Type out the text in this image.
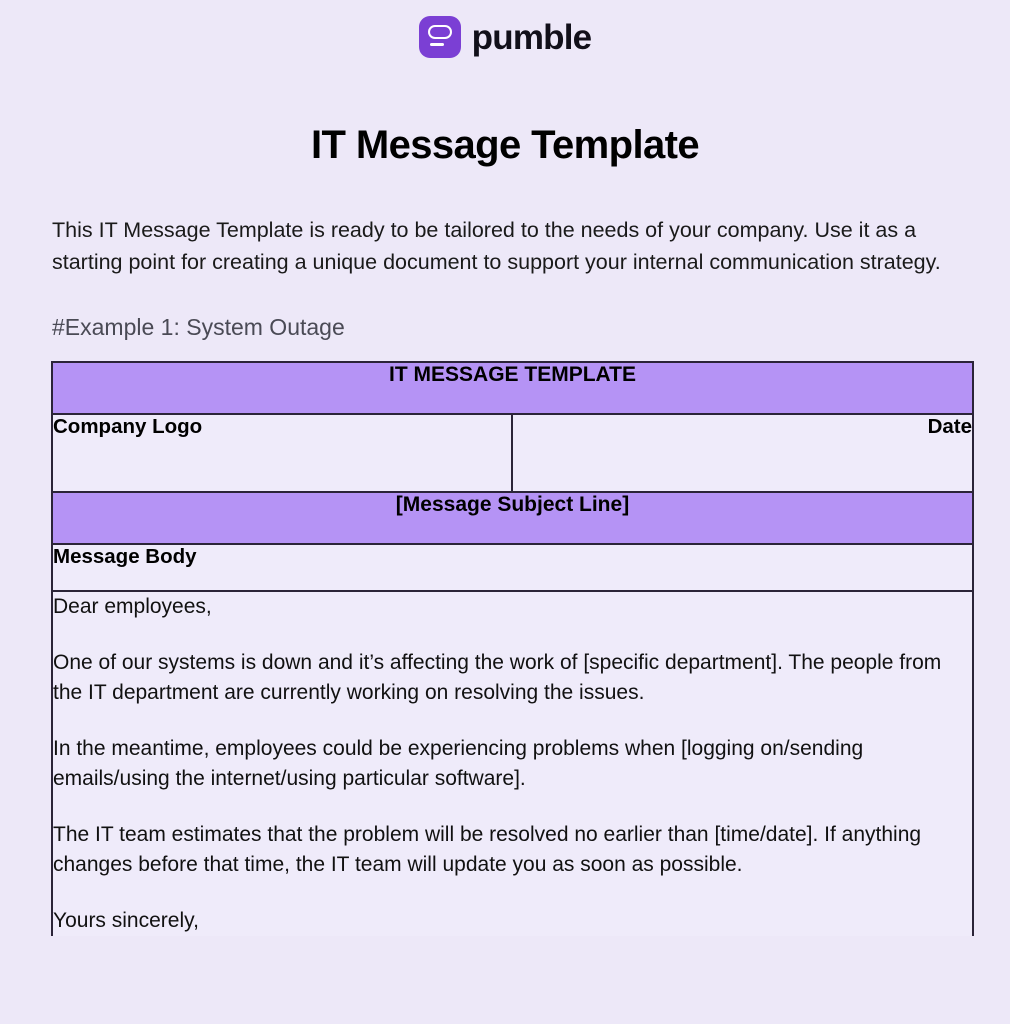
pumble
IT Message Template

This IT Message Template is ready to be tailored to the needs of your company. Use it as a starting point for creating a unique document to support your internal communication strategy.

#Example 1: System Outage
IT MESSAGE TEMPLATE
Company Logo	Date
[Message Subject Line]
Message Body

Dear employees,

One of our systems is down and it’s affecting the work of [specific department]. The people from the IT department are currently working on resolving the issues.

In the meantime, employees could be experiencing problems when [logging on/sending emails/using the internet/using particular software].

The IT team estimates that the problem will be resolved no earlier than [time/date]. If anything changes before that time, the IT team will update you as soon as possible.

Yours sincerely,
